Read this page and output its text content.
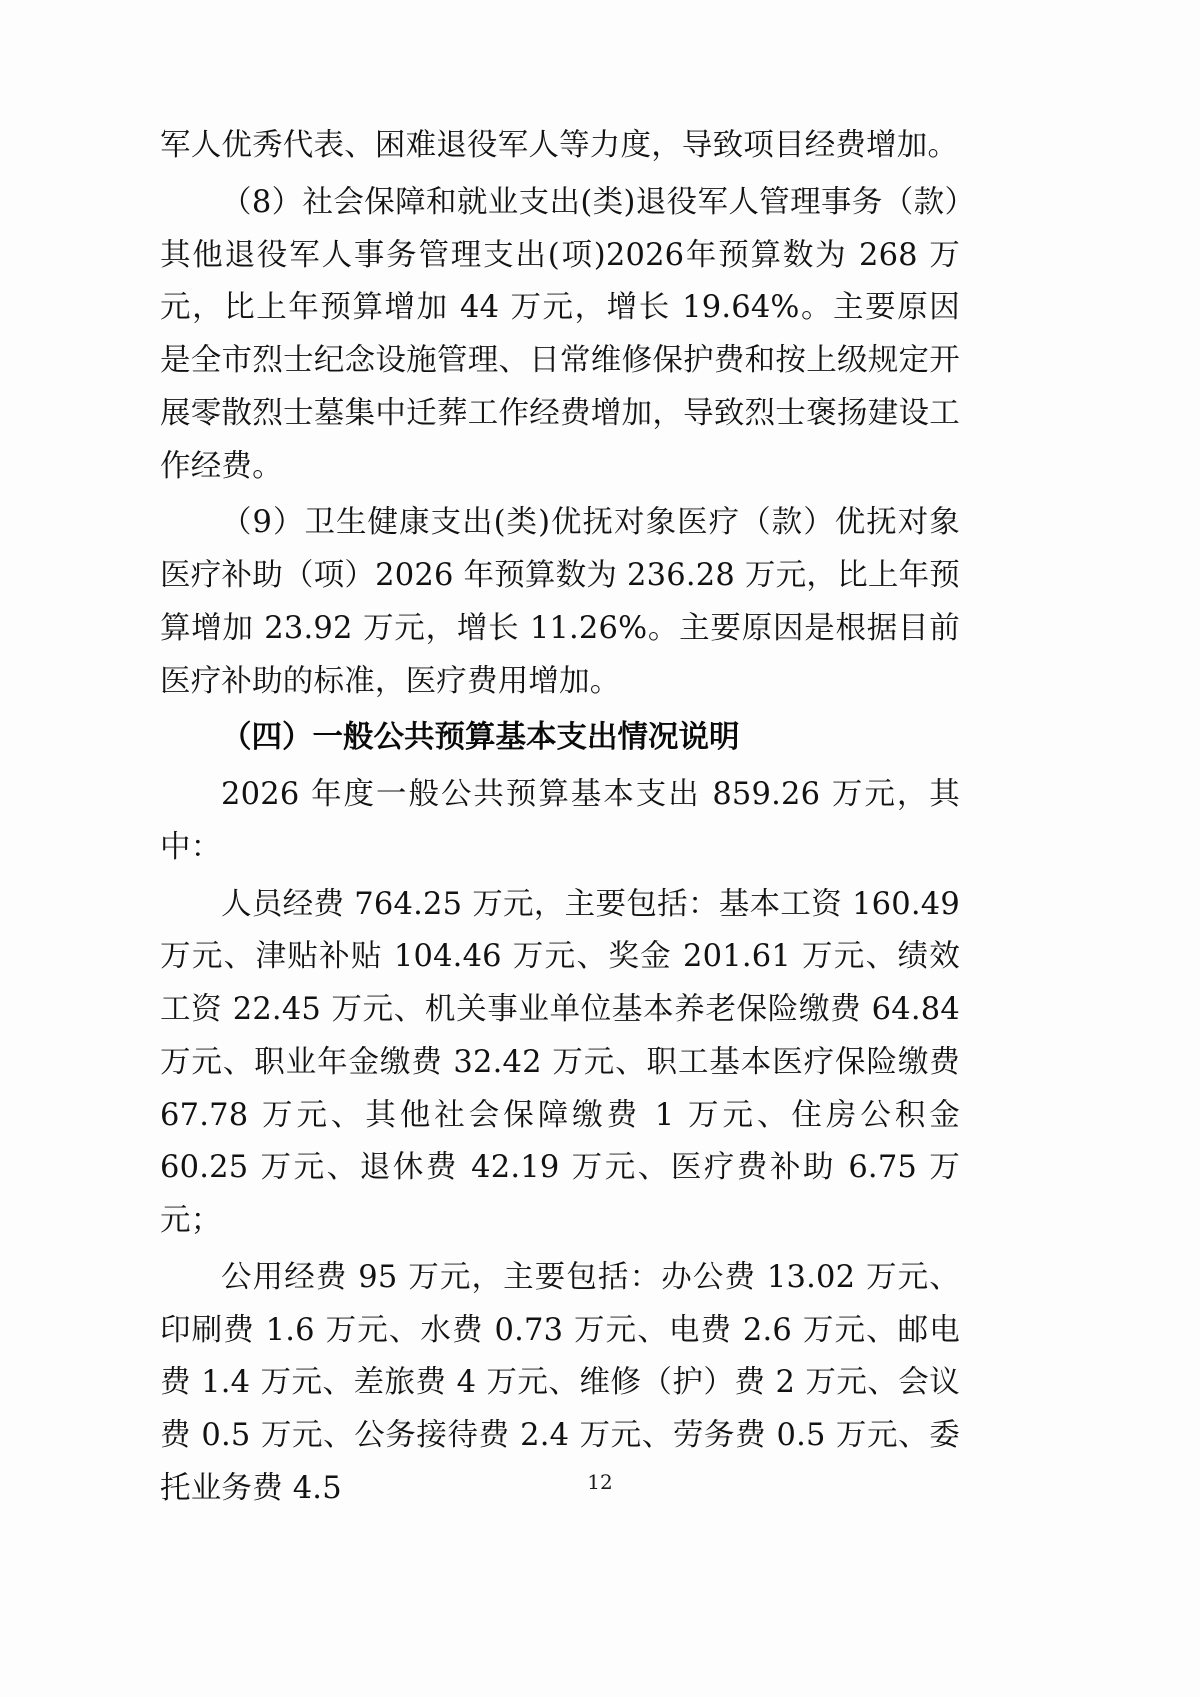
军人优秀代表、困难退役军人等力度，导致项目经费增加。

（8）社会保障和就业支出(类)退役军人管理事务（款）其他退役军人事务管理支出(项)2026年预算数为 268 万元，比上年预算增加 44 万元，增长 19.64%。主要原因是全市烈士纪念设施管理、日常维修保护费和按上级规定开展零散烈士墓集中迁葬工作经费增加，导致烈士褒扬建设工作经费。

（9）卫生健康支出(类)优抚对象医疗（款）优抚对象医疗补助（项）2026 年预算数为 236.28 万元，比上年预算增加 23.92 万元，增长 11.26%。主要原因是根据目前医疗补助的标准，医疗费用增加。

（四）一般公共预算基本支出情况说明

2026 年度一般公共预算基本支出 859.26 万元，其中：

人员经费 764.25 万元，主要包括：基本工资 160.49 万元、津贴补贴 104.46 万元、奖金 201.61 万元、绩效工资 22.45 万元、机关事业单位基本养老保险缴费 64.84 万元、职业年金缴费 32.42 万元、职工基本医疗保险缴费 67.78 万元、其他社会保障缴费 1 万元、住房公积金 60.25 万元、退休费 42.19 万元、医疗费补助 6.75 万元；

公用经费 95 万元，主要包括：办公费 13.02 万元、印刷费 1.6 万元、水费 0.73 万元、电费 2.6 万元、邮电费 1.4 万元、差旅费 4 万元、维修（护）费 2 万元、会议费 0.5 万元、公务接待费 2.4 万元、劳务费 0.5 万元、委托业务费 4.5	12
